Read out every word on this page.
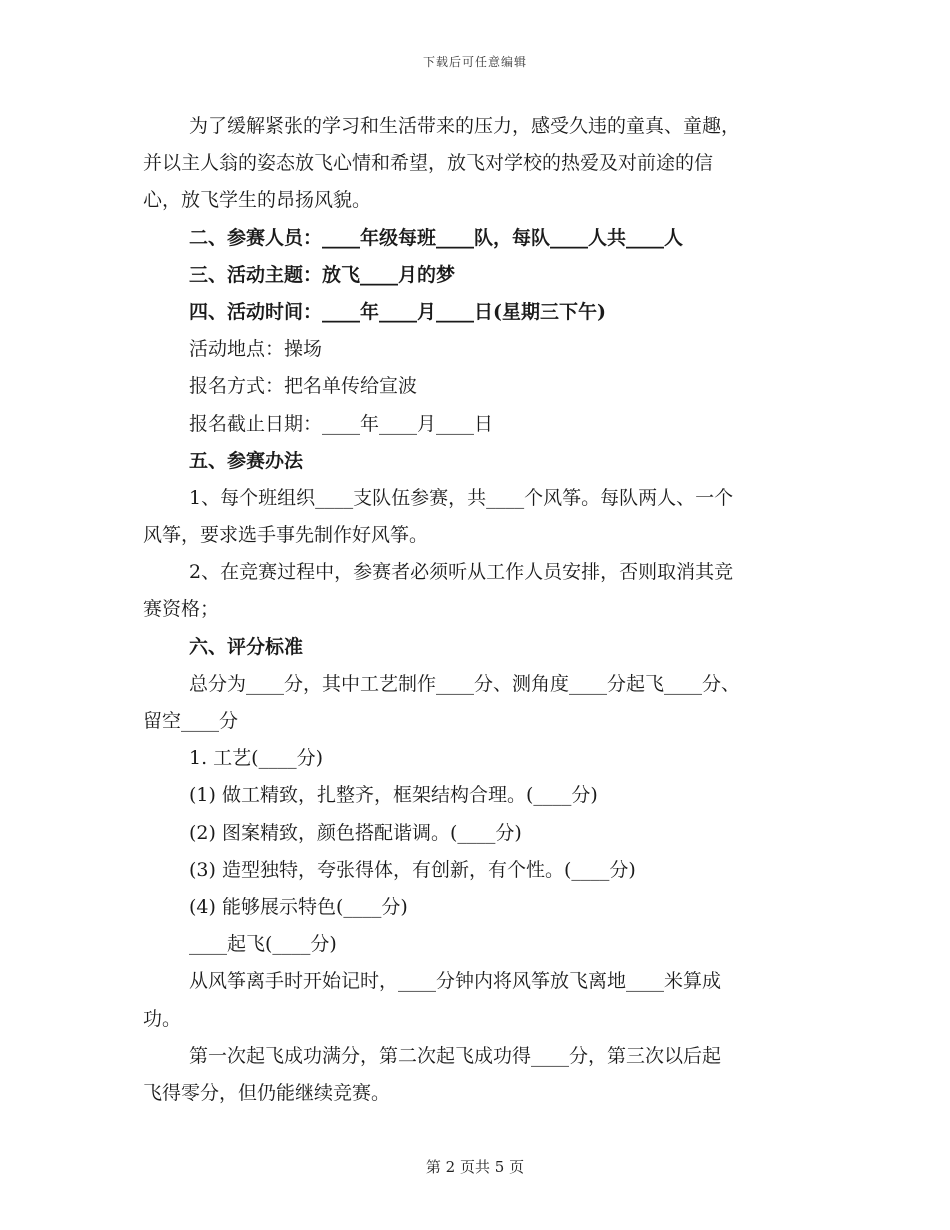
下载后可任意编辑
为了缓解紧张的学习和生活带来的压力，感受久违的童真、童趣，
并以主人翁的姿态放飞心情和希望，放飞对学校的热爱及对前途的信
心，放飞学生的昂扬风貌。
二、参赛人员：____年级每班____队，每队____人共____人
三、活动主题：放飞____月的梦
四、活动时间：____年____月____日(星期三下午)
活动地点：操场
报名方式：把名单传给宣波
报名截止日期：____年____月____日
五、参赛办法
1、每个班组织____支队伍参赛，共____个风筝。每队两人、一个
风筝，要求选手事先制作好风筝。
2、在竞赛过程中，参赛者必须听从工作人员安排，否则取消其竞
赛资格；
六、评分标准
总分为____分，其中工艺制作____分、测角度____分起飞____分、
留空____分
1. 工艺(____分)
(1) 做工精致，扎整齐，框架结构合理。(____分)
(2) 图案精致，颜色搭配谐调。(____分)
(3) 造型独特，夸张得体，有创新，有个性。(____分)
(4) 能够展示特色(____分)
____起飞(____分)
从风筝离手时开始记时，____分钟内将风筝放飞离地____米算成
功。
第一次起飞成功满分，第二次起飞成功得____分，第三次以后起
飞得零分，但仍能继续竞赛。
第 2 页共 5 页
